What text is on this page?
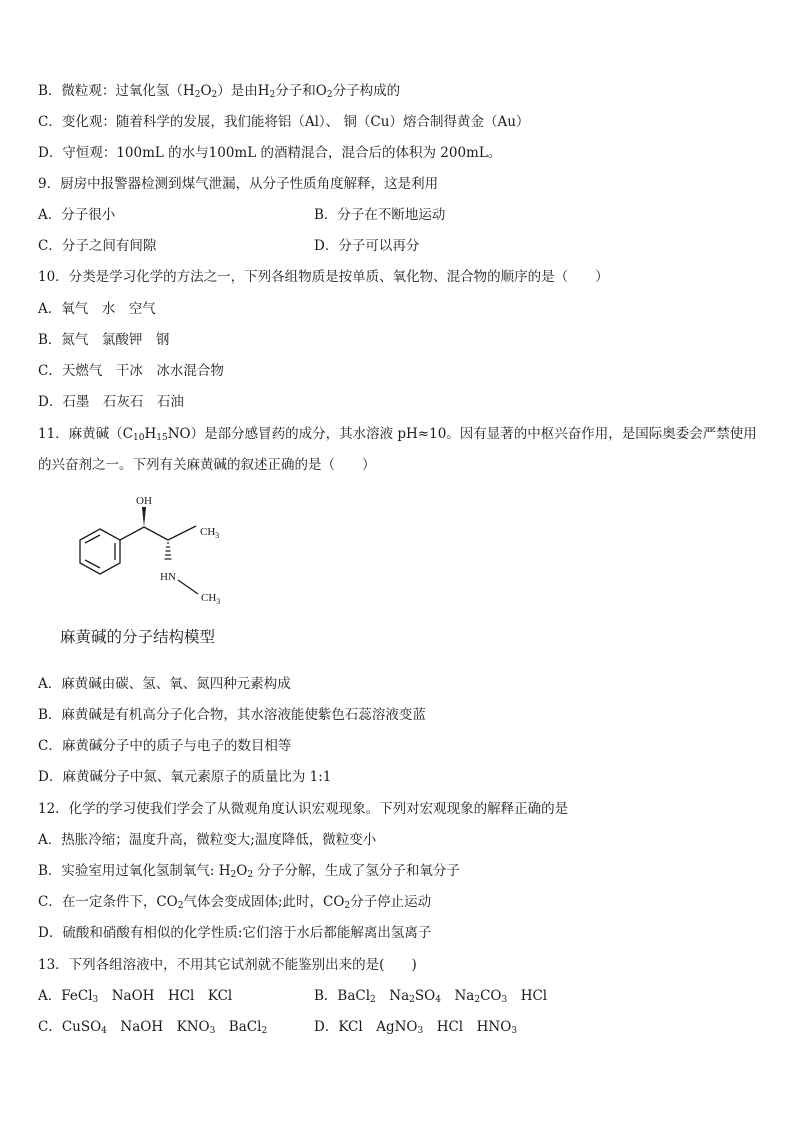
B．微粒观：过氧化氢$(H_2O_2)$是由$H_2$分子和$O_2$分子构成的
C．变化观：随着科学的发展，我们能将铝（Al）、 铜（Cu）熔合制得黄金（Au）
D．守恒观：100mL 的水与100mL 的酒精混合，混合后的体积为 200mL。
9．厨房中报警器检测到煤气泄漏，从分子性质角度解释，这是利用
A．分子很小	B．分子在不断地运动
C．分子之间有间隙	D．分子可以再分
10．分类是学习化学的方法之一，下列各组物质是按单质、氧化物、混合物的顺序的是（　　）
A．氧气　水　空气
B．氮气　氯酸钾　钢
C．天燃气　干冰　冰水混合物
D．石墨　石灰石　石油
11．麻黄碱$(C_{10}H_{15}NO)$是部分感冒药的成分，其水溶液 pH≈10。因有显著的中枢兴奋作用，是国际奥委会严禁使用
的兴奋剂之一。下列有关麻黄碱的叙述正确的是（　　）
OH
$CH_3$
HN
$CH_3$
麻黄碱的分子结构模型
A．麻黄碱由碳、氢、氧、氮四种元素构成
B．麻黄碱是有机高分子化合物，其水溶液能使紫色石蕊溶液变蓝
C．麻黄碱分子中的质子与电子的数目相等
D．麻黄碱分子中氮、氧元素原子的质量比为 1:1
12．化学的学习使我们学会了从微观角度认识宏观现象。下列对宏观现象的解释正确的是
A．热胀冷缩；温度升高，微粒变大;温度降低，微粒变小
B．实验室用过氧化氢制氧气: $H_2O_2$ 分子分解，生成了氢分子和氧分子
C．在一定条件下，$CO_2$气体会变成固体;此时，$CO_2$分子停止运动
D．硫酸和硝酸有相似的化学性质:它们溶于水后都能解离出氢离子
13．下列各组溶液中，不用其它试剂就不能鉴别出来的是(　　)
A．FeCl$_3$　NaOH　HCl　KCl	B．BaCl$_2$　$Na_2SO_4$　$Na_2CO_3$　HCl
C．CuSO$_4$　NaOH　$KNO_3$　BaCl$_2$	D．KCl　AgNO$_3$　HCl　$HNO_3$
